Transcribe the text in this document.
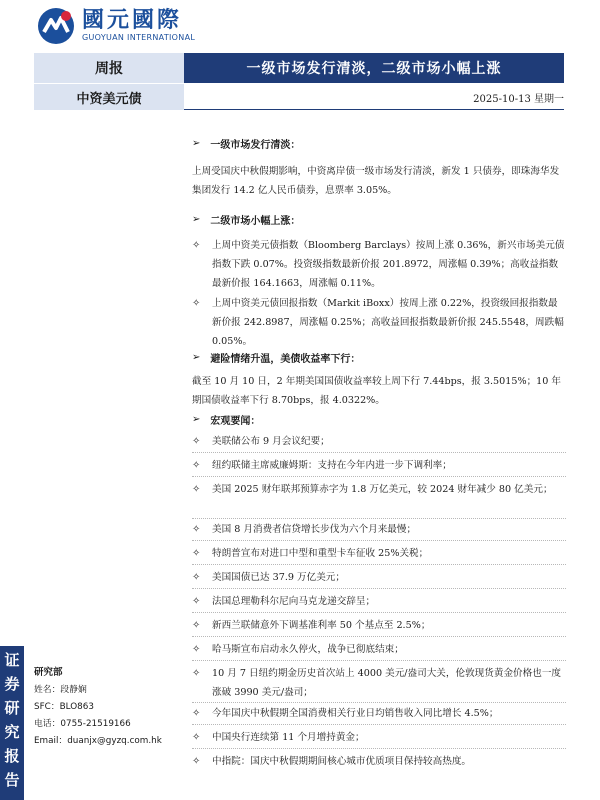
國元國際
GUOYUAN INTERNATIONAL
周报	一级市场发行清淡，二级市场小幅上涨
中资美元债	2025-10-13 星期一
证
券
研
究
报
告
研究部
姓名：段静娴
SFC：BLO863
电话：0755-21519166
Email：duanjx@gyzq.com.hk
➢ 一级市场发行清淡：
上周受国庆中秋假期影响，中资离岸债一级市场发行清淡，新发 1 只债券，即珠海华发集团发行 14.2 亿人民币债券，息票率 3.05%。
➢ 二级市场小幅上涨：
✧	上周中资美元债指数（Bloomberg Barclays）按周上涨 0.36%，新兴市场美元债指数下跌 0.07%。投资级指数最新价报 201.8972，周涨幅 0.39%；高收益指数最新价报 164.1663，周涨幅 0.11%。
✧	上周中资美元债回报指数（Markit iBoxx）按周上涨 0.22%，投资级回报指数最新价报 242.8987，周涨幅 0.25%；高收益回报指数最新价报 245.5548，周跌幅 0.05%。
➢ 避险情绪升温，美债收益率下行：
截至 10 月 10 日，2 年期美国国债收益率较上周下行 7.44bps，报 3.5015%；10 年期国债收益率下行 8.70bps，报 4.0322%。
➢ 宏观要闻：
✧	美联储公布 9 月会议纪要；
✧	纽约联储主席威廉姆斯：支持在今年内进一步下调利率；
✧	美国 2025 财年联邦预算赤字为 1.8 万亿美元，较 2024 财年减少 80 亿美元；
✧	美国 8 月消费者信贷增长步伐为六个月来最慢；
✧	特朗普宣布对进口中型和重型卡车征收 25%关税；
✧	美国国债已达 37.9 万亿美元；
✧	法国总理勒科尔尼向马克龙递交辞呈；
✧	新西兰联储意外下调基准利率 50 个基点至 2.5%；
✧	哈马斯宣布启动永久停火，战争已彻底结束；
✧	10 月 7 日纽约期金历史首次站上 4000 美元/盎司大关，伦敦现货黄金价格也一度涨破 3990 美元/盎司；
✧	今年国庆中秋假期全国消费相关行业日均销售收入同比增长 4.5%；
✧	中国央行连续第 11 个月增持黄金；
✧	中指院：国庆中秋假期期间核心城市优质项目保持较高热度。
